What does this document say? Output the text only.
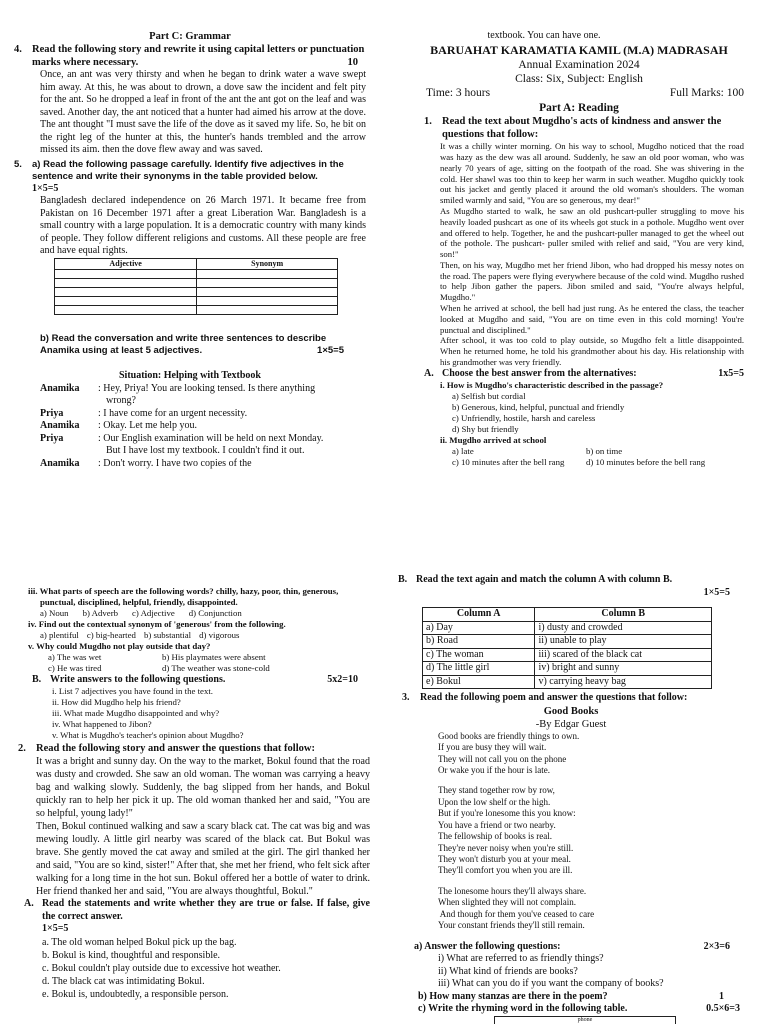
Part C: Grammar
4. Read the following story and rewrite it using capital letters or punctuation marks where necessary.	10

Once, an ant was very thirsty and when he began to drink water a wave swept him away. At this, he was about to drown, a dove saw the incident and felt pity for the ant. So he dropped a leaf in front of the ant the ant got on the leaf and was saved. Another day, the ant noticed that a hunter had aimed his arrow at the dove. The ant thought "I must save the life of the dove as it saved my life. So, he bit on the right leg of the hunter at this, the hunter's hands trembled and the arrow missed its aim. then the dove flew away and was saved.

5.	a) Read the following passage carefully. Identify five adjectives in the sentence and write their synonyms in the table provided below.
1×5=5

Bangladesh declared independence on 26 March 1971. It became free from Pakistan on 16 December 1971 after a great Liberation War. Bangladesh is a small country with a large population. It is a democratic country with many kinds of people. They follow different religions and customs. All these people are free and have equal rights.

Adjective	Synonym

b) Read the conversation and write three sentences to describe Anamika using at least 5 adjectives.	1×5=5
Situation: Helping with Textbook
Anamika	: Hey, Priya! You are looking tensed. Is there anything wrong?
Priya	: I have come for an urgent necessity.
Anamika	: Okay. Let me help you.
Priya	: Our English examination will be held on next Monday. But I have lost my textbook. I couldn't find it out.
Anamika	: Don't worry. I have two copies of the
textbook. You can have one.
BARUAHAT KARAMATIA KAMIL (M.A) MADRASAH
Annual Examination 2024
Class: Six, Subject: English
Time: 3 hours	Full Marks: 100
Part A: Reading
1. Read the text about Mugdho's acts of kindness and answer the questions that follow:

It was a chilly winter morning. On his way to school, Mugdho noticed that the road was hazy as the dew was all around. Suddenly, he saw an old poor woman, who was nearly 70 years of age, sitting on the footpath of the road. She was shivering in the cold. Her shawl was too thin to keep her warm in such weather. Mugdho quickly took out his jacket and gently placed it around the old woman's shoulders. The woman smiled warmly and said, "You are so generous, my dear!"

As Mugdho started to walk, he saw an old pushcart-puller struggling to move his heavily loaded pushcart as one of its wheels got stuck in a pothole. Mugdho went over and offered to help. Together, he and the pushcart-puller managed to get the wheel out of the pothole. The pushcart- puller smiled with relief and said, "You are very kind, son!"

Then, on his way, Mugdho met her friend Jibon, who had dropped his messy notes on the road. The papers were flying everywhere because of the cold wind. Mugdho rushed to help Jibon gather the papers. Jibon smiled and said, "You're always helpful, Mugdho."

When he arrived at school, the bell had just rung. As he entered the class, the teacher looked at Mugdho and said, "You are on time even in this cold morning! You're punctual and disciplined."

After school, it was too cold to play outside, so Mugdho felt a little disappointed. When he returned home, he told his grandmother about his day. His relationship with his grandmother was very friendly.

A. Choose the best answer from the alternatives:	1x5=5
i. How is Mugdho's characteristic described in the passage?
a) Selfish but cordial
b) Generous, kind, helpful, punctual and friendly
c) Unfriendly, hostile, harsh and careless
d) Shy but friendly
ii. Mugdho arrived at school
a) late	b) on time
c) 10 minutes after the bell rang	d) 10 minutes before the bell rang
iii. What parts of speech are the following words? chilly, hazy, poor, thin, generous, punctual, disciplined, helpful, friendly, disappointed.
a) Noun b) Adverb c) Adjective d) Conjunction
iv. Find out the contextual synonym of 'generous' from the following.
a) plentiful c) big-hearted b) substantial d) vigorous
v. Why could Mugdho not play outside that day?
a) The was wet	b) His playmates were absent
c) He was tired	d) The weather was stone-cold
B. Write answers to the following questions.	5x2=10
i. List 7 adjectives you have found in the text.
ii. How did Mugdho help his friend?
iii. What made Mugdho disappointed and why?
iv. What happened to Jibon?
v. What is Mugdho's teacher's opinion about Mugdho?
2. Read the following story and answer the questions that follow:

It was a bright and sunny day. On the way to the market, Bokul found that the road was dusty and crowded. She saw an old woman. The woman was carrying a heavy bag and walking slowly. Suddenly, the bag slipped from her hands, and Bokul quickly ran to help her pick it up. The old woman thanked her and said, "You are so helpful, young lady!"

Then, Bokul continued walking and saw a scary black cat. The cat was big and was mewing loudly. A little girl nearby was scared of the black cat. But Bokul was brave. She gently moved the cat away and smiled at the girl. The girl thanked her and said, "You are so kind, sister!" After that, she met her friend, who felt sick after walking for a long time in the hot sun. Bokul offered her a bottle of water to drink. Her friend thanked her and said, "You are always thoughtful, Bokul."

A. Read the statements and write whether they are true or false. If false, give the correct answer.
1×5=5
a. The old woman helped Bokul pick up the bag.
b. Bokul is kind, thoughtful and responsible.
c. Bokul couldn't play outside due to excessive hot weather.
d. The black cat was intimidating Bokul.
e. Bokul is, undoubtedly, a responsible person.
B. Read the text again and match the column A with column B.
1×5=5
Column A	Column B
a) Day	i) dusty and crowded
b) Road	ii) unable to play
c) The woman	iii) scared of the black cat
d) The little girl	iv) bright and sunny
e) Bokul	v) carrying heavy bag
3.	Read the following poem and answer the questions that follow:
Good Books
-By Edgar Guest
Good books are friendly things to own.
If you are busy they will wait.
They will not call you on the phone
Or wake you if the hour is late.
They stand together row by row,
Upon the low shelf or the high.
But if you're lonesome this you know:
You have a friend or two nearby.
The fellowship of books is real.
They're never noisy when you're still.
They won't disturb you at your meal.
They'll comfort you when you are ill.
The lonesome hours they'll always share.
When slighted they will not complain.
And though for them you've ceased to care
Your constant friends they'll still remain.
a) Answer the following questions:	2×3=6
i) What are referred to as friendly things?
ii) What kind of friends are books?
iii) What can you do if you want the company of books?
b) How many stanzas are there in the poem?	1
c) Write the rhyming word in the following table.	0.5×6=3
phone
